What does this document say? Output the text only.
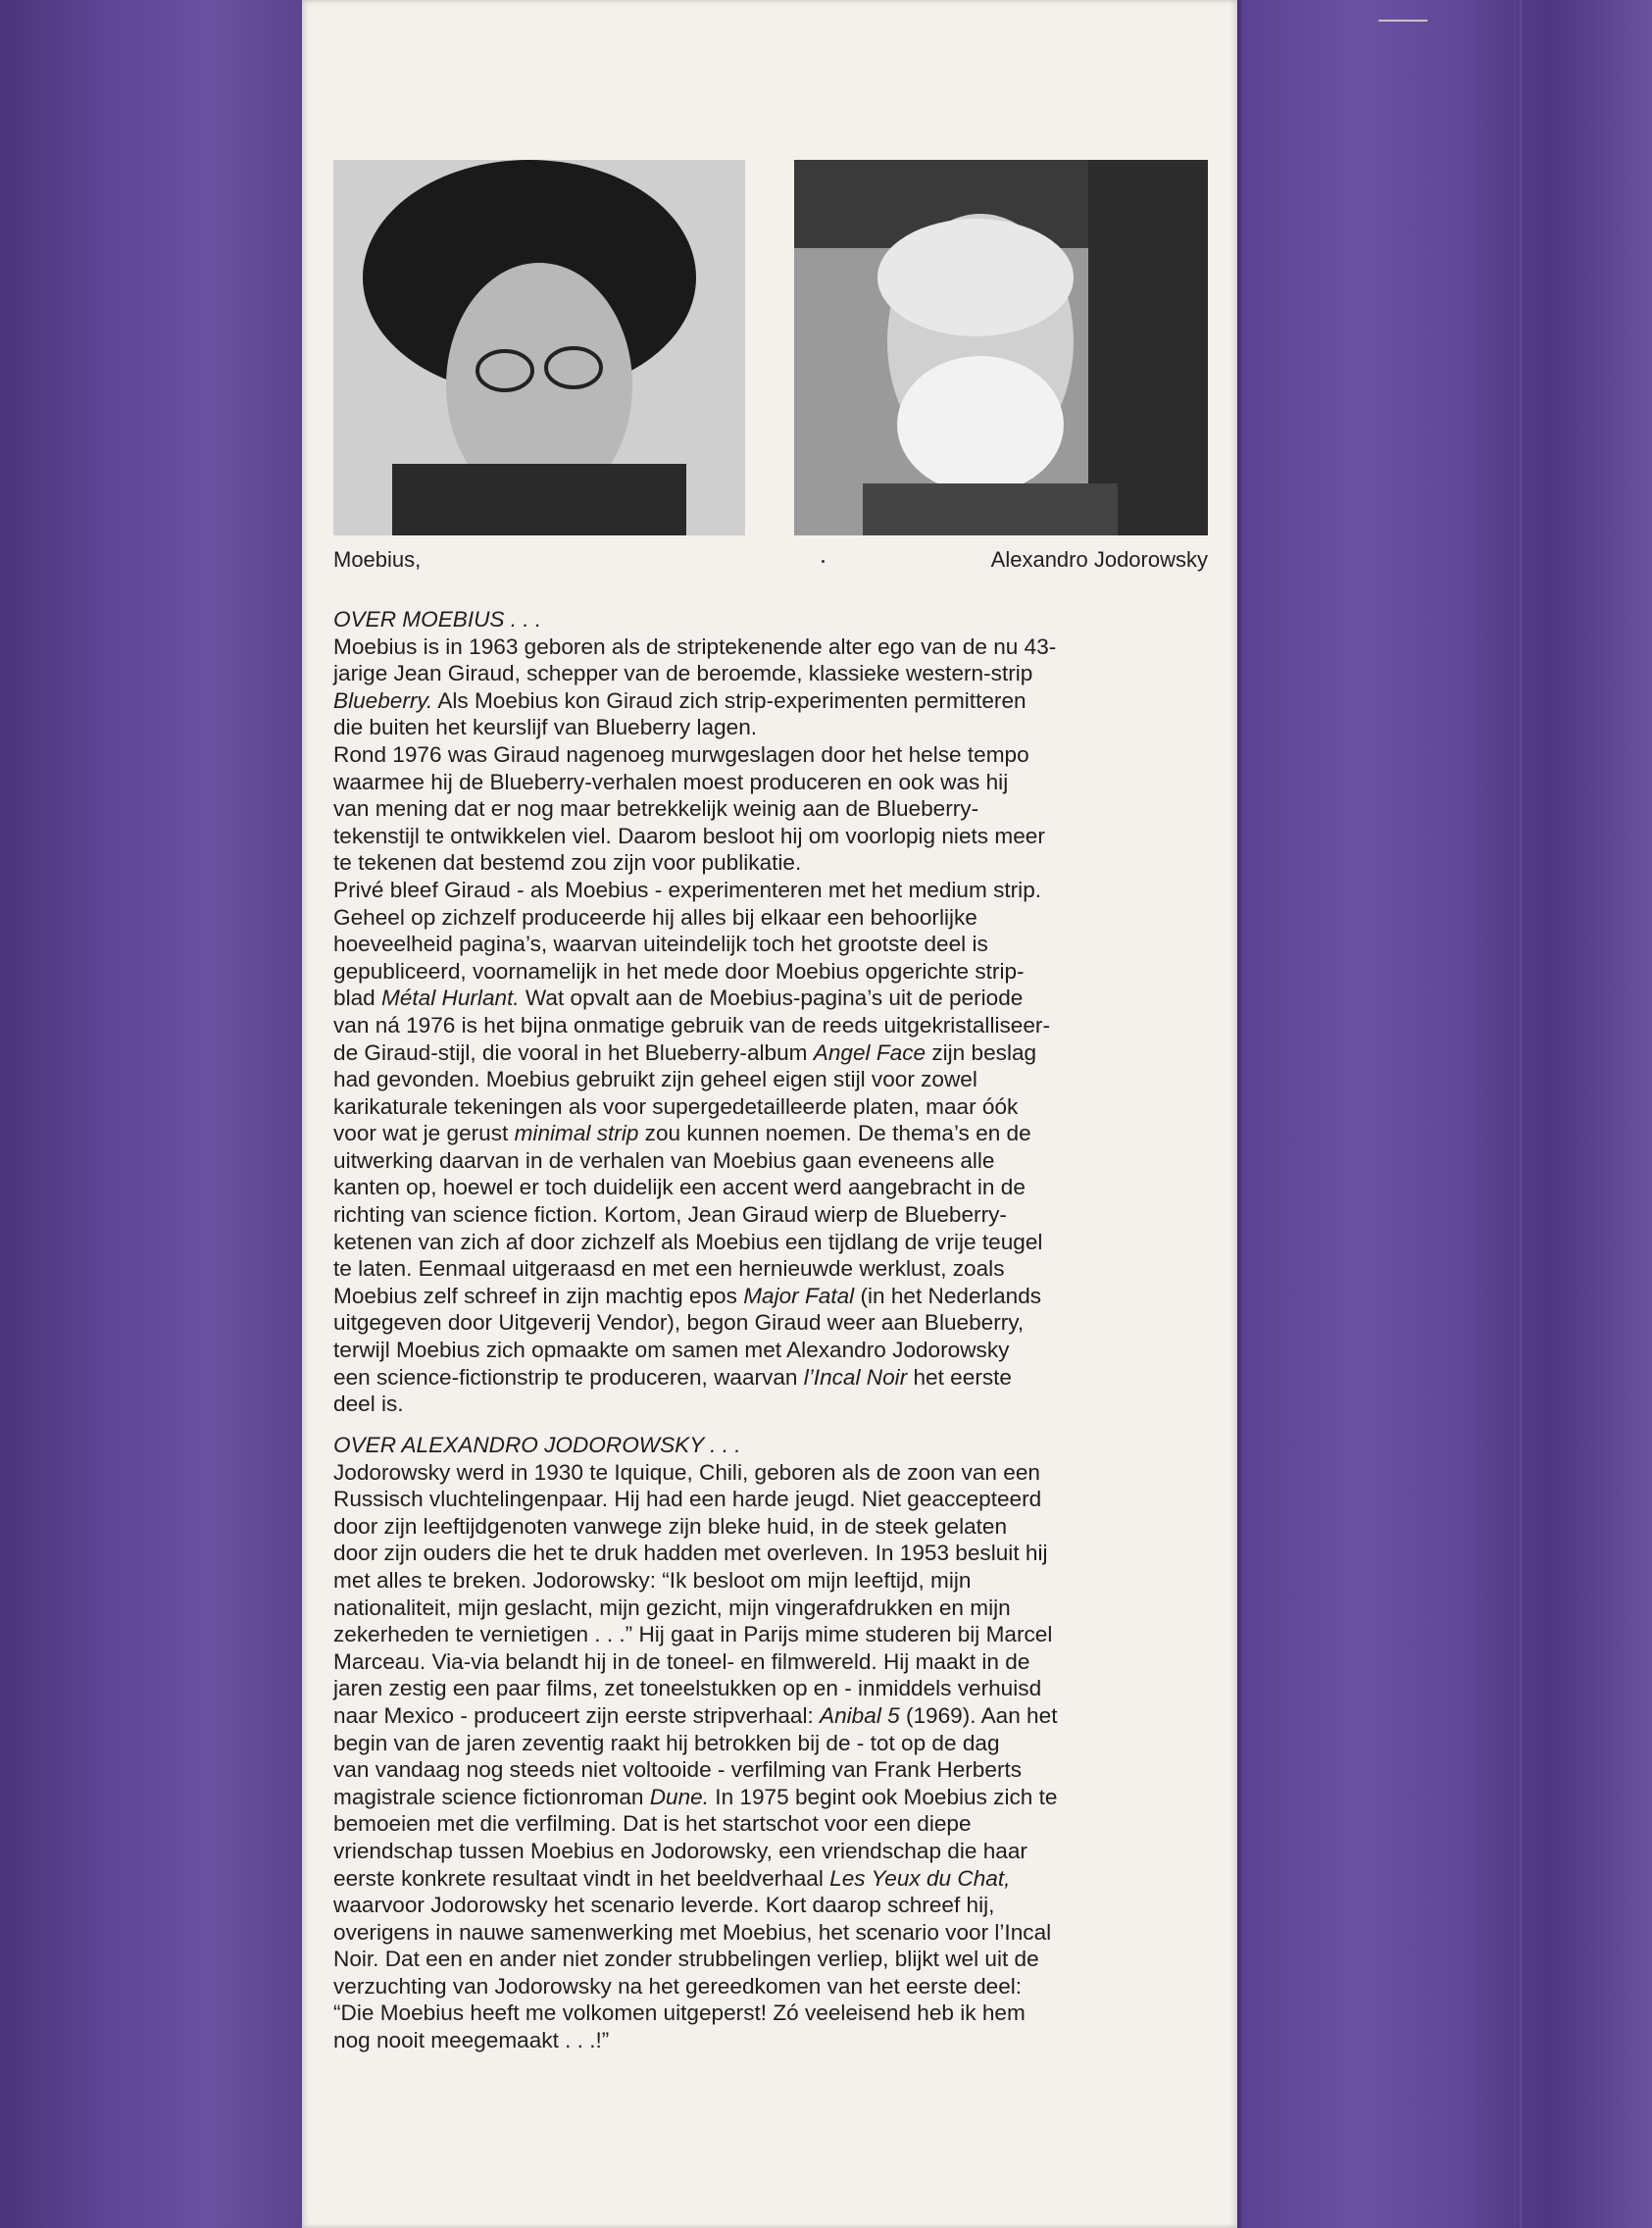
Moebius,	Alexandro Jodorowsky

OVER MOEBIUS . . .

Moebius is in 1963 geboren als de striptekenende alter ego van de nu 43-

jarige Jean Giraud, schepper van de beroemde, klassieke western-strip

Blueberry. Als Moebius kon Giraud zich strip-experimenten permitteren

die buiten het keurslijf van Blueberry lagen.

Rond 1976 was Giraud nagenoeg murwgeslagen door het helse tempo

waarmee hij de Blueberry-verhalen moest produceren en ook was hij

van mening dat er nog maar betrekkelijk weinig aan de Blueberry-

tekenstijl te ontwikkelen viel. Daarom besloot hij om voorlopig niets meer

te tekenen dat bestemd zou zijn voor publikatie.

Privé bleef Giraud - als Moebius - experimenteren met het medium strip.

Geheel op zichzelf produceerde hij alles bij elkaar een behoorlijke

hoeveelheid pagina’s, waarvan uiteindelijk toch het grootste deel is

gepubliceerd, voornamelijk in het mede door Moebius opgerichte strip-

blad Métal Hurlant. Wat opvalt aan de Moebius-pagina’s uit de periode

van ná 1976 is het bijna onmatige gebruik van de reeds uitgekristalliseer-

de Giraud-stijl, die vooral in het Blueberry-album Angel Face zijn beslag

had gevonden. Moebius gebruikt zijn geheel eigen stijl voor zowel

karikaturale tekeningen als voor supergedetailleerde platen, maar óók

voor wat je gerust minimal strip zou kunnen noemen. De thema’s en de

uitwerking daarvan in de verhalen van Moebius gaan eveneens alle

kanten op, hoewel er toch duidelijk een accent werd aangebracht in de

richting van science fiction. Kortom, Jean Giraud wierp de Blueberry-

ketenen van zich af door zichzelf als Moebius een tijdlang de vrije teugel

te laten. Eenmaal uitgeraasd en met een hernieuwde werklust, zoals

Moebius zelf schreef in zijn machtig epos Major Fatal (in het Nederlands

uitgegeven door Uitgeverij Vendor), begon Giraud weer aan Blueberry,

terwijl Moebius zich opmaakte om samen met Alexandro Jodorowsky

een science-fictionstrip te produceren, waarvan l’Incal Noir het eerste

deel is.

OVER ALEXANDRO JODOROWSKY . . .

Jodorowsky werd in 1930 te Iquique, Chili, geboren als de zoon van een

Russisch vluchtelingenpaar. Hij had een harde jeugd. Niet geaccepteerd

door zijn leeftijdgenoten vanwege zijn bleke huid, in de steek gelaten

door zijn ouders die het te druk hadden met overleven. In 1953 besluit hij

met alles te breken. Jodorowsky: “Ik besloot om mijn leeftijd, mijn

nationaliteit, mijn geslacht, mijn gezicht, mijn vingerafdrukken en mijn

zekerheden te vernietigen . . .” Hij gaat in Parijs mime studeren bij Marcel

Marceau. Via-via belandt hij in de toneel- en filmwereld. Hij maakt in de

jaren zestig een paar films, zet toneelstukken op en - inmiddels verhuisd

naar Mexico - produceert zijn eerste stripverhaal: Anibal 5 (1969). Aan het

begin van de jaren zeventig raakt hij betrokken bij de - tot op de dag

van vandaag nog steeds niet voltooide - verfilming van Frank Herberts

magistrale science fictionroman Dune. In 1975 begint ook Moebius zich te

bemoeien met die verfilming. Dat is het startschot voor een diepe

vriendschap tussen Moebius en Jodorowsky, een vriendschap die haar

eerste konkrete resultaat vindt in het beeldverhaal Les Yeux du Chat,

waarvoor Jodorowsky het scenario leverde. Kort daarop schreef hij,

overigens in nauwe samenwerking met Moebius, het scenario voor l’Incal

Noir. Dat een en ander niet zonder strubbelingen verliep, blijkt wel uit de

verzuchting van Jodorowsky na het gereedkomen van het eerste deel:

“Die Moebius heeft me volkomen uitgeperst! Zó veeleisend heb ik hem

nog nooit meegemaakt . . .!”
